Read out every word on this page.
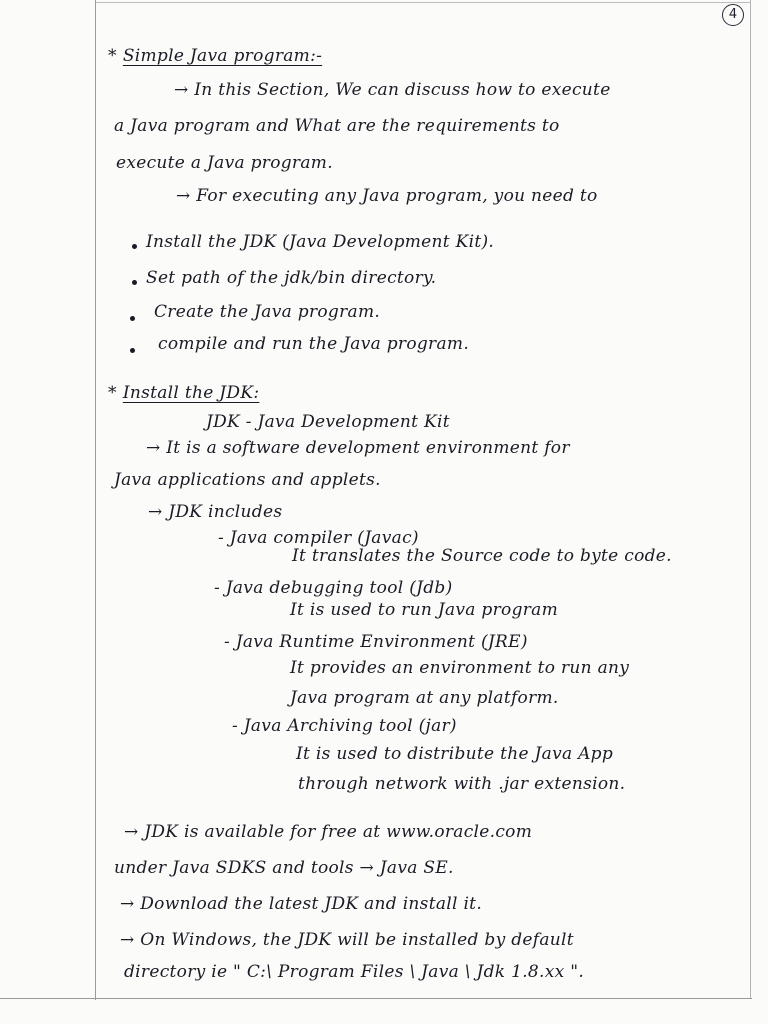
4
* Simple Java program:-
→ In this Section, We can discuss how to execute
a Java program and What are the requirements to
execute a Java program.
→ For executing any Java program, you need to
Install the JDK (Java Development Kit).
Set path of the jdk/bin directory.
Create the Java program.
compile and run the Java program.
* Install the JDK:
JDK - Java Development Kit
→ It is a software development environment for
Java applications and applets.
→ JDK includes
- Java compiler (Javac)
It translates the Source code to byte code.
- Java debugging tool (Jdb)
It is used to run Java program
- Java Runtime Environment (JRE)
It provides an environment to run any
Java program at any platform.
- Java Archiving tool (jar)
It is used to distribute the Java App
through network with .jar extension.
→ JDK is available for free at www.oracle.com
under Java SDKS and tools → Java SE.
→ Download the latest JDK and install it.
→ On Windows, the JDK will be installed by default
directory ie " C:\ Program Files \ Java \ Jdk 1.8.xx ".
